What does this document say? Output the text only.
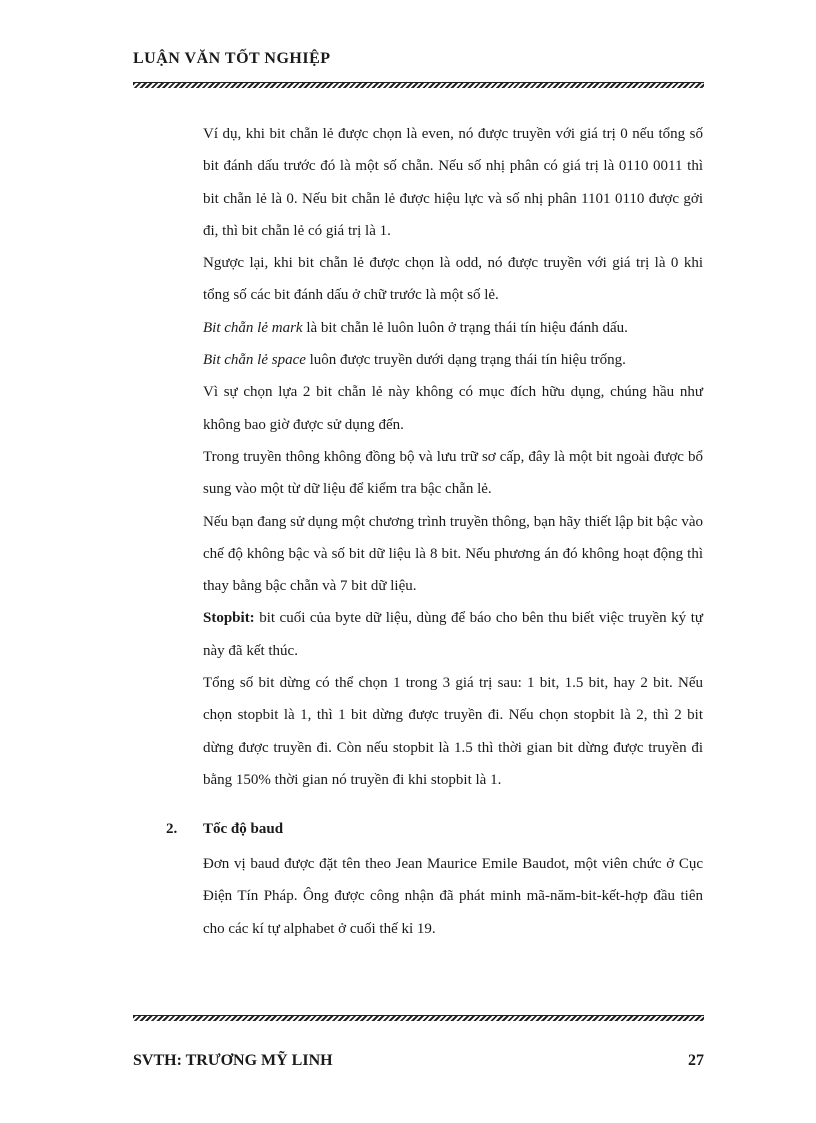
LUẬN VĂN TỐT NGHIỆP

Ví dụ, khi bit chẵn lẻ được chọn là even, nó được truyền với giá trị 0 nếu tổng số bit đánh dấu trước đó là một số chẵn. Nếu số nhị phân có giá trị là 0110 0011 thì bit chẵn lẻ là 0. Nếu bit chẵn lẻ được hiệu lực và số nhị phân 1101 0110 được gởi đi, thì bit chẵn lẻ có giá trị là 1.

Ngược lại, khi bit chẵn lẻ được chọn là odd, nó được truyền với giá trị là 0 khi tổng số các bit đánh dấu ở chữ trước là một số lẻ.

Bit chẵn lẻ mark là bit chẵn lẻ luôn luôn ở trạng thái tín hiệu đánh dấu.

Bit chẵn lẻ space luôn được truyền dưới dạng trạng thái tín hiệu trống.

Vì sự chọn lựa 2 bit chẵn lẻ này không có mục đích hữu dụng, chúng hầu như không bao giờ được sử dụng đến.

Trong truyền thông không đồng bộ và lưu trữ sơ cấp, đây là một bit ngoài được bổ sung vào một từ dữ liệu để kiểm tra bậc chẵn lẻ.

Nếu bạn đang sử dụng một chương trình truyền thông, bạn hãy thiết lập bit bậc vào chế độ không bậc và số bit dữ liệu là 8 bit. Nếu phương án đó không hoạt động thì thay bằng bậc chẵn và 7 bit dữ liệu.

Stopbit: bit cuối của byte dữ liệu, dùng để báo cho bên thu biết việc truyền ký tự này đã kết thúc.

Tổng số bit dừng có thể chọn 1 trong 3 giá trị sau: 1 bit, 1.5 bit, hay 2 bit. Nếu chọn stopbit là 1, thì 1 bit dừng được truyền đi. Nếu chọn stopbit là 2, thì 2 bit dừng được truyền đi. Còn nếu stopbit là 1.5 thì thời gian bit dừng được truyền đi bằng 150% thời gian nó truyền đi khi stopbit là 1.

2. Tốc độ baud

Đơn vị baud được đặt tên theo Jean Maurice Emile Baudot, một viên chức ở Cục Điện Tín Pháp. Ông được công nhận đã phát minh mã-năm-bit-kết-hợp đầu tiên cho các kí tự alphabet ở cuối thế kỉ 19.

SVTH: TRƯƠNG MỸ LINH	27
